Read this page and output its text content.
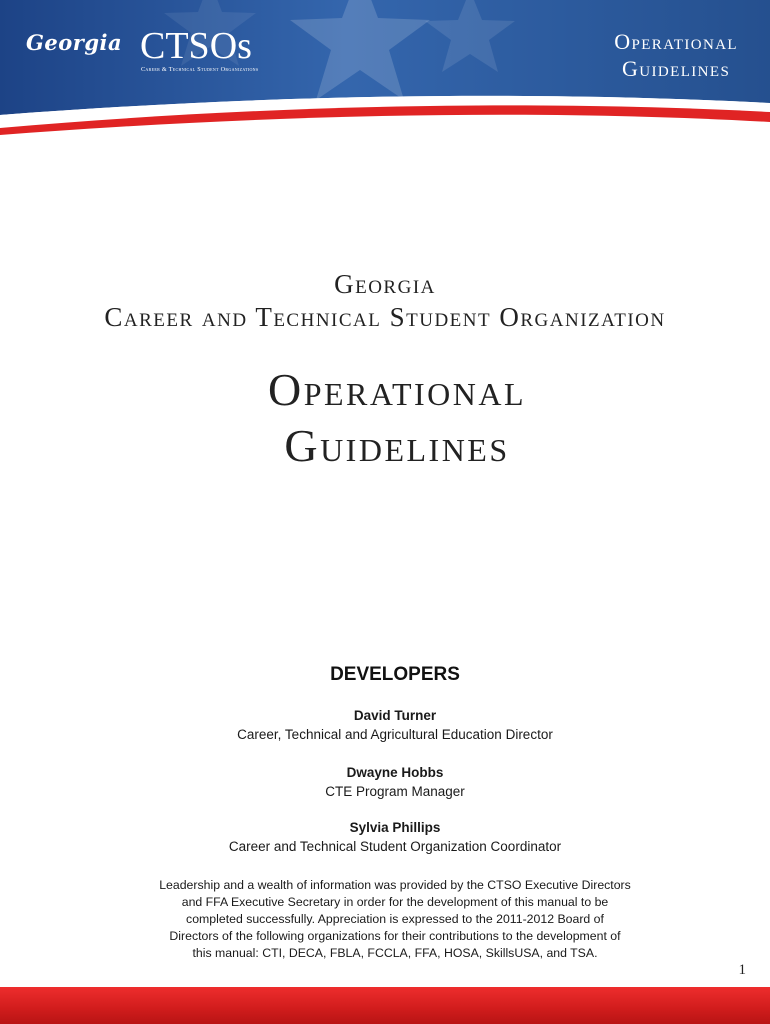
Georgia CTSOs
Career & Technical Student Organizations
Operational
Guidelines
Georgia
Career and Technical Student Organization
Operational
Guidelines
DEVELOPERS
David Turner
Career, Technical and Agricultural Education Director
Dwayne Hobbs
CTE Program Manager
Sylvia Phillips
Career and Technical Student Organization Coordinator
Leadership and a wealth of information was provided by the CTSO Executive Directors
and FFA Executive Secretary in order for the development of this manual to be
completed successfully. Appreciation is expressed to the 2011-2012 Board of
Directors of the following organizations for their contributions to the development of
this manual: CTI, DECA, FBLA, FCCLA, FFA, HOSA, SkillsUSA, and TSA.
1
